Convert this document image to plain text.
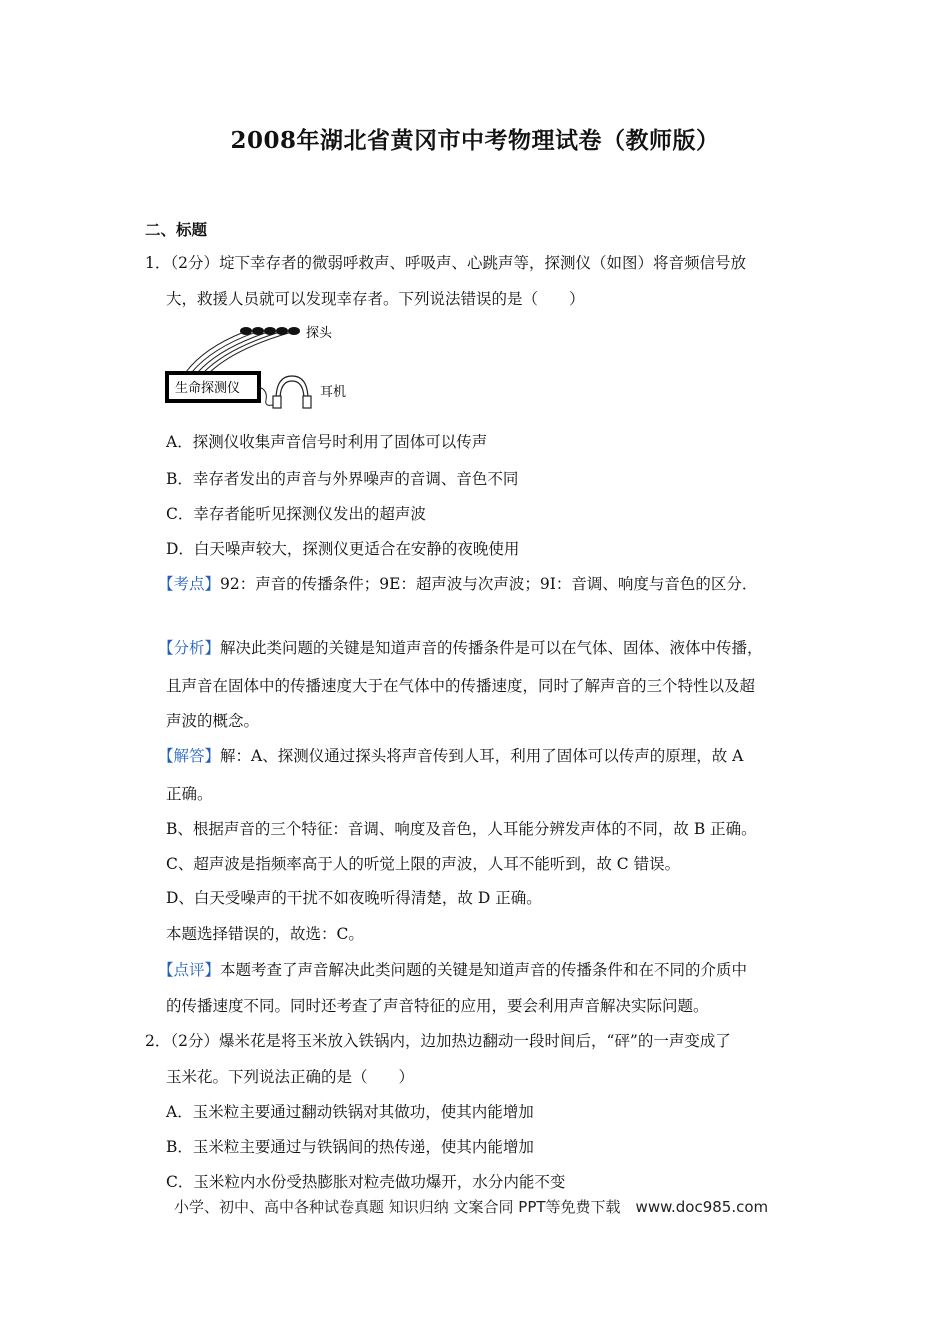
2008年湖北省黄冈市中考物理试卷（教师版）
二、标题
1．（2分）埞下幸存者的微弱呼救声、呼吸声、心跳声等，探测仪（如图）将音频信号放
大，救援人员就可以发现幸存者。下列说法错误的是（　　）
探头
生命探测仪	耳机
A．探测仪收集声音信号时利用了固体可以传声
B．幸存者发出的声音与外界噪声的音调、音色不同
C．幸存者能听见探测仪发出的超声波
D．白天噪声较大，探测仪更适合在安静的夜晚使用
【考点】92：声音的传播条件；9E：超声波与次声波；9I：音调、响度与音色的区分．
【分析】解决此类问题的关键是知道声音的传播条件是可以在气体、固体、液体中传播，
且声音在固体中的传播速度大于在气体中的传播速度，同时了解声音的三个特性以及超
声波的概念。
【解答】解：A、探测仪通过探头将声音传到人耳，利用了固体可以传声的原理，故 A
正确。
B、根据声音的三个特征：音调、响度及音色，人耳能分辨发声体的不同，故 B 正确。
C、超声波是指频率高于人的听觉上限的声波，人耳不能听到，故 C 错误。
D、白天受噪声的干扰不如夜晚听得清楚，故 D 正确。
本题选择错误的，故选：C。
【点评】本题考查了声音解决此类问题的关键是知道声音的传播条件和在不同的介质中
的传播速度不同。同时还考查了声音特征的应用，要会利用声音解决实际问题。
2．（2分）爆米花是将玉米放入铁锅内，边加热边翻动一段时间后，“砰”的一声变成了
玉米花。下列说法正确的是（　　）
A．玉米粒主要通过翻动铁锅对其做功，使其内能增加
B．玉米粒主要通过与铁锅间的热传递，使其内能增加
C．玉米粒内水份受热膨胀对粒壳做功爆开，水分内能不变
小学、初中、高中各种试卷真题 知识归纳 文案合同 PPT等免费下载　www.doc985.com
